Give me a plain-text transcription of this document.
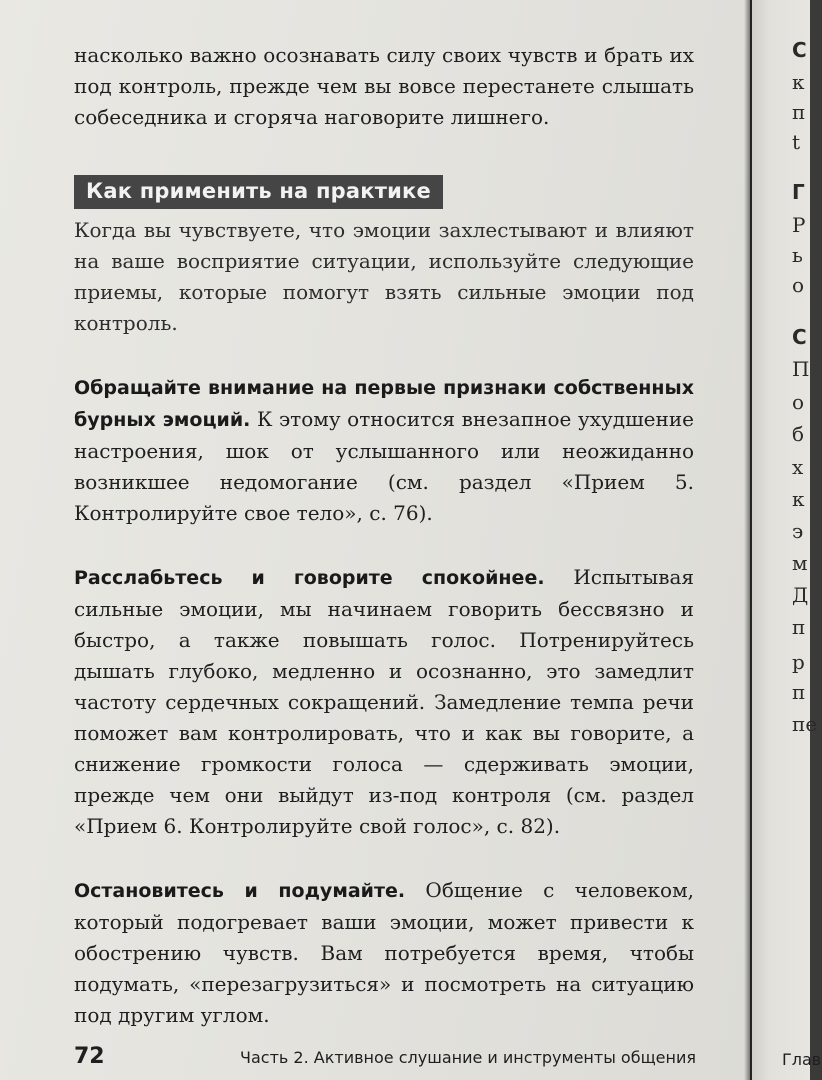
насколько важно осознавать силу своих чувств и брать их под контроль, прежде чем вы вовсе перестанете слышать собеседника и сгоряча наговорите лишнего.

Как применить на практике

Когда вы чувствуете, что эмоции захлестывают и влияют на ваше восприятие ситуации, используйте следующие приемы, которые помогут взять сильные эмоции под контроль.

Обращайте внимание на первые признаки собственных бурных эмоций. К этому относится внезапное ухудшение настроения, шок от услышанного или неожиданно возникшее недомогание (см. раздел «Прием 5. Контролируйте свое тело», с. 76).

Расслабьтесь и говорите спокойнее. Испытывая сильные эмоции, мы начинаем говорить бессвязно и быстро, а также повышать голос. Потренируйтесь дышать глубоко, медленно и осознанно, это замедлит частоту сердечных сокращений. Замедление темпа речи поможет вам контролировать, что и как вы говорите, а снижение громкости голоса — сдерживать эмоции, прежде чем они выйдут из-под контроля (см. раздел «Прием 6. Контролируйте свой голос», с. 82).

Остановитесь и подумайте. Общение с человеком, который подогревает ваши эмоции, может привести к обострению чувств. Вам потребуется время, чтобы подумать, «перезагрузиться» и посмотреть на ситуацию под другим углом.

72	Часть 2. Активное слушание и инструменты общения
С
к
п
t
Г
Р
ь
о
С
П
о
б
х
к
э
м
Д
п
р
п
пе
Глав
